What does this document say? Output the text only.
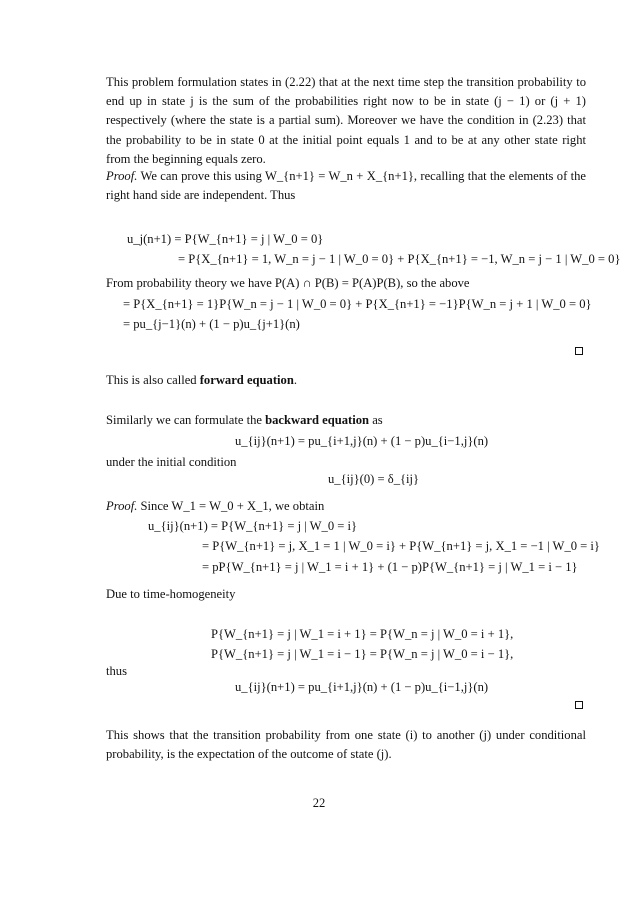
This problem formulation states in (2.22) that at the next time step the transition probability to end up in state j is the sum of the probabilities right now to be in state (j − 1) or (j + 1) respectively (where the state is a partial sum). Moreover we have the condition in (2.23) that the probability to be in state 0 at the initial point equals 1 and to be at any other state right from the beginning equals zero.

Proof. We can prove this using W_{n+1} = W_n + X_{n+1}, recalling that the elements of the right hand side are independent. Thus

u_j(n+1) = P{W_{n+1} = j | W_0 = 0}
= P{X_{n+1} = 1, W_n = j − 1 | W_0 = 0} + P{X_{n+1} = −1, W_n = j − 1 | W_0 = 0}

From probability theory we have P(A) ∩ P(B) = P(A)P(B), so the above

= P{X_{n+1} = 1}P{W_n = j − 1 | W_0 = 0} + P{X_{n+1} = −1}P{W_n = j + 1 | W_0 = 0}
= pu_{j−1}(n) + (1 − p)u_{j+1}(n)

This is also called forward equation.

Similarly we can formulate the backward equation as

u_{ij}(n+1) = pu_{i+1,j}(n) + (1 − p)u_{i−1,j}(n)

under the initial condition

u_{ij}(0) = δ_{ij}

Proof. Since W_1 = W_0 + X_1, we obtain

u_{ij}(n+1) = P{W_{n+1} = j | W_0 = i}
= P{W_{n+1} = j, X_1 = 1 | W_0 = i} + P{W_{n+1} = j, X_1 = −1 | W_0 = i}
= pP{W_{n+1} = j | W_1 = i + 1} + (1 − p)P{W_{n+1} = j | W_1 = i − 1}

Due to time-homogeneity

P{W_{n+1} = j | W_1 = i + 1} = P{W_n = j | W_0 = i + 1},
P{W_{n+1} = j | W_1 = i − 1} = P{W_n = j | W_0 = i − 1},

thus

u_{ij}(n+1) = pu_{i+1,j}(n) + (1 − p)u_{i−1,j}(n)

This shows that the transition probability from one state (i) to another (j) under conditional probability, is the expectation of the outcome of state (j).

22
